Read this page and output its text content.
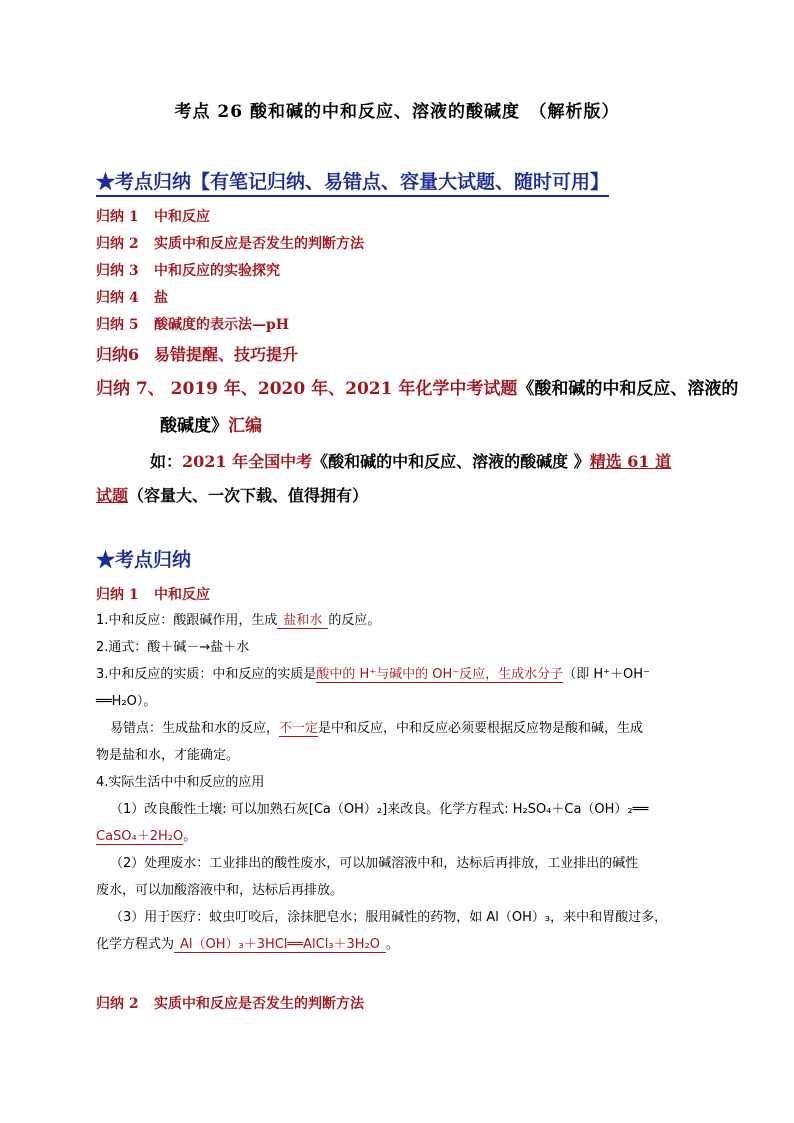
考点 26 酸和碱的中和反应、溶液的酸碱度　（解析版）
★考点归纳【有笔记归纳、易错点、容量大试题、随时可用】
归纳 1 中和反应
归纳 2 实质中和反应是否发生的判断方法
归纳 3 中和反应的实验探究
归纳 4 盐
归纳 5 酸碱度的表示法—pH
归纳6 易错提醒、技巧提升
归纳 7、 2019 年、2020 年、2021 年化学中考试题《酸和碱的中和反应、溶液的
酸碱度》汇编
如：2021 年全国中考《酸和碱的中和反应、溶液的酸碱度 》精选 61 道
试题（容量大、一次下载、值得拥有）
★考点归纳
归纳 1 中和反应
1.中和反应：酸跟碱作用，生成 盐和水 的反应。
2.通式：酸＋碱－→盐＋水
3.中和反应的实质：中和反应的实质是酸中的 H⁺与碱中的 OH⁻反应，生成水分子（即 H⁺＋OH⁻
══H₂O）。
易错点：生成盐和水的反应，不一定是中和反应，中和反应必须要根据反应物是酸和碱，生成
物是盐和水，才能确定。
4.实际生活中中和反应的应用
（1）改良酸性土壤: 可以加熟石灰[Ca（OH）₂]来改良。化学方程式: H₂SO₄＋Ca（OH）₂══
CaSO₄＋2H₂O。
（2）处理废水：工业排出的酸性废水，可以加碱溶液中和，达标后再排放，工业排出的碱性
废水，可以加酸溶液中和，达标后再排放。
（3）用于医疗：蚊虫叮咬后，涂抹肥皂水；服用碱性的药物，如 Al（OH）₃，来中和胃酸过多，
化学方程式为 Al（OH）₃＋3HCl══AlCl₃＋3H₂O 。
归纳 2 实质中和反应是否发生的判断方法
